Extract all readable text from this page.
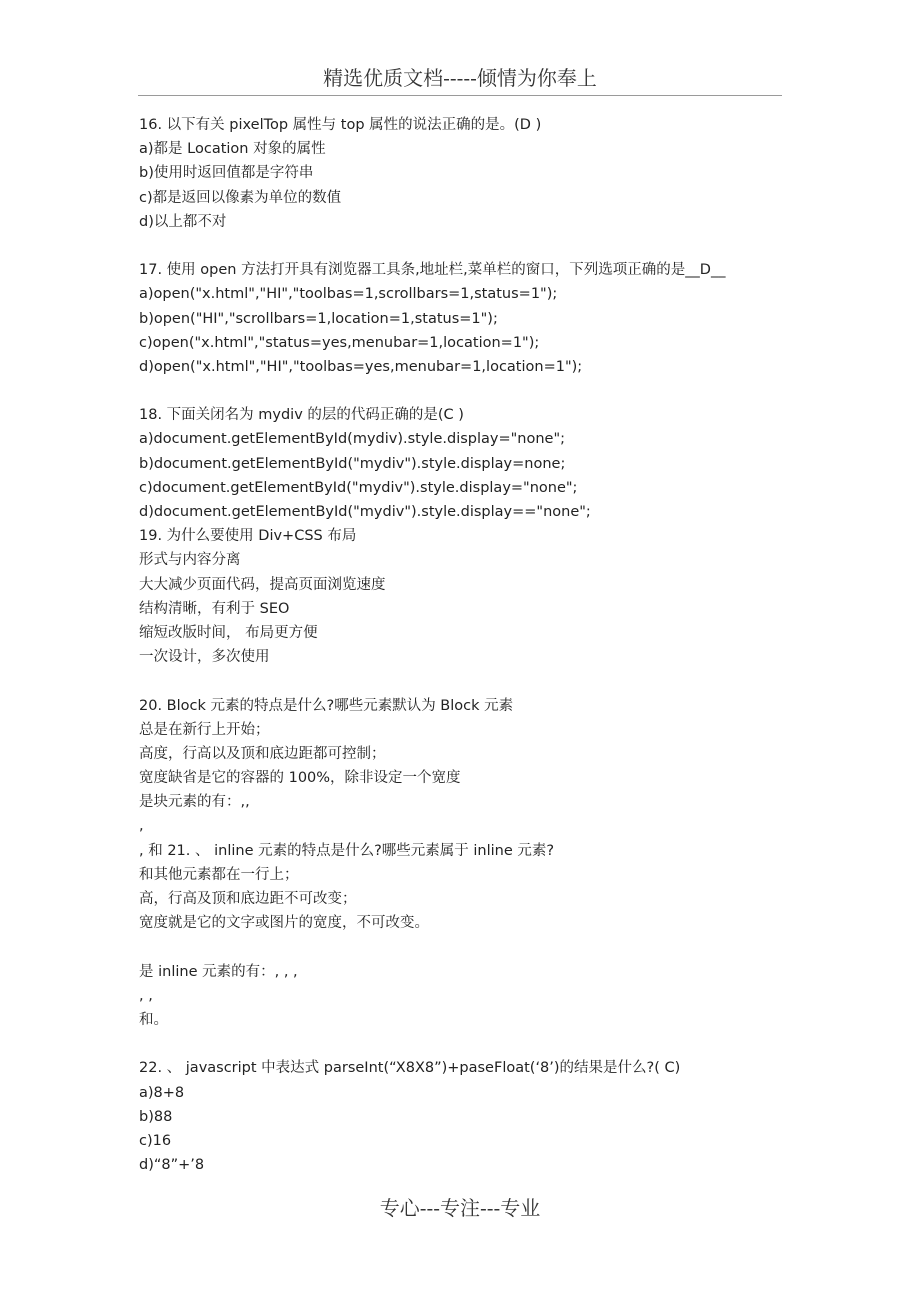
精选优质文档-----倾情为你奉上
16. 以下有关 pixelTop 属性与 top 属性的说法正确的是。(D )
a)都是 Location 对象的属性
b)使用时返回值都是字符串
c)都是返回以像素为单位的数值
d)以上都不对
17. 使用 open 方法打开具有浏览器工具条,地址栏,菜单栏的窗口，下列选项正确的是__D__
a)open("x.html","HI","toolbas=1,scrollbars=1,status=1");
b)open("HI","scrollbars=1,location=1,status=1");
c)open("x.html","status=yes,menubar=1,location=1");
d)open("x.html","HI","toolbas=yes,menubar=1,location=1");
18. 下面关闭名为 mydiv 的层的代码正确的是(C )
a)document.getElementById(mydiv).style.display="none";
b)document.getElementById("mydiv").style.display=none;
c)document.getElementById("mydiv").style.display="none";
d)document.getElementById("mydiv").style.display=="none";
19. 为什么要使用 Div+CSS 布局
形式与内容分离
大大减少页面代码，提高页面浏览速度
结构清晰，有利于 SEO
缩短改版时间， 布局更方便
一次设计，多次使用
20. Block 元素的特点是什么?哪些元素默认为 Block 元素
总是在新行上开始；
高度，行高以及顶和底边距都可控制；
宽度缺省是它的容器的 100%，除非设定一个宽度
是块元素的有：,,
,
, 和 21. 、 inline 元素的特点是什么?哪些元素属于 inline 元素?
和其他元素都在一行上；
高，行高及顶和底边距不可改变；
宽度就是它的文字或图片的宽度，不可改变。
是 inline 元素的有：, , ,
, ,
和。
22. 、 javascript 中表达式 parseInt(“X8X8”)+paseFloat(‘8’)的结果是什么?( C)
a)8+8
b)88
c)16
d)“8”+’8
专心---专注---专业
